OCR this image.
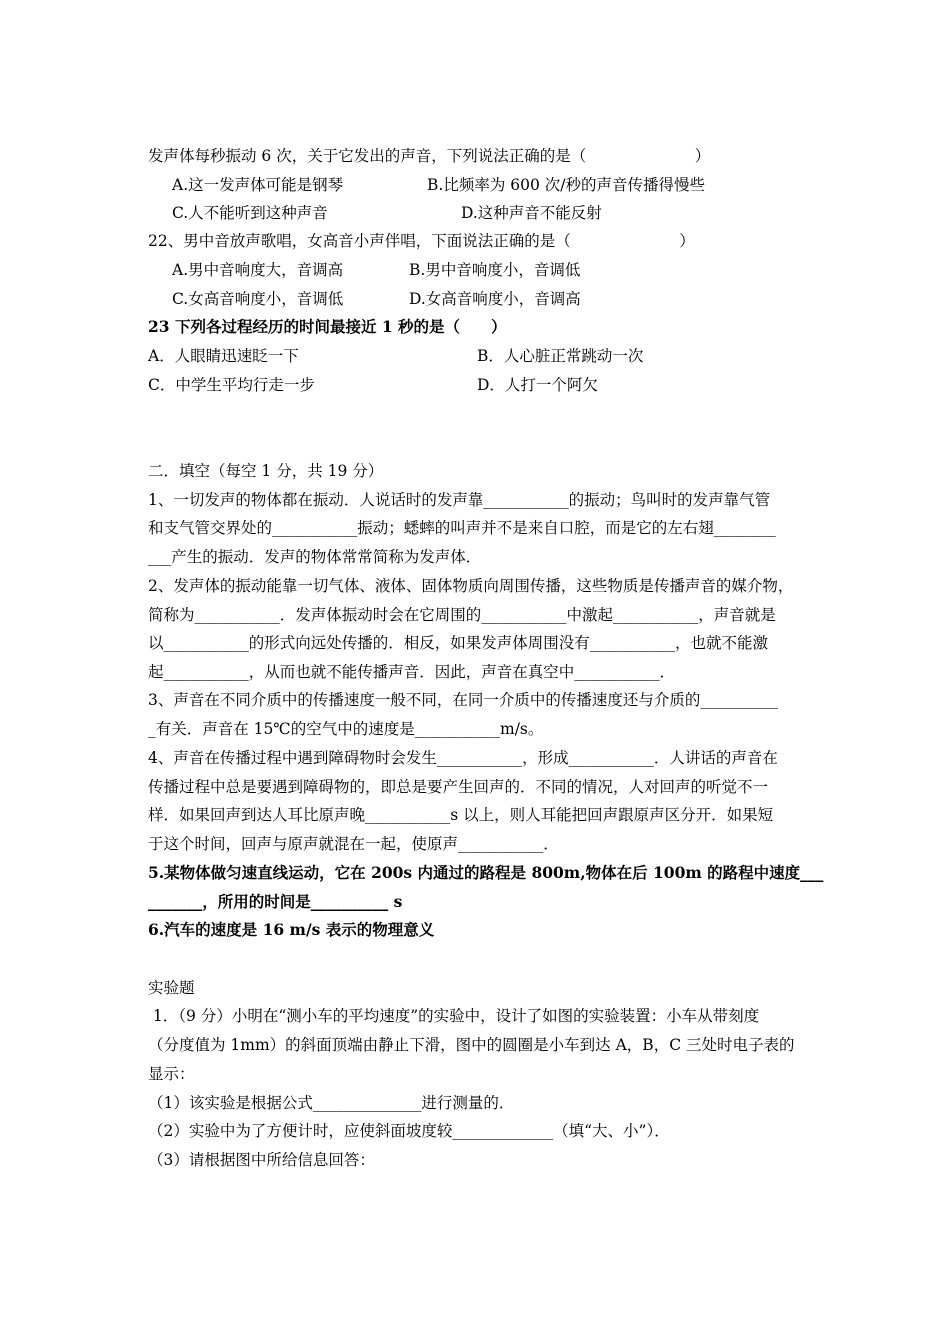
发声体每秒振动 6 次，关于它发出的声音，下列说法正确的是（　　　　　　　）
A.这一发声体可能是钢琴	B.比频率为 600 次/秒的声音传播得慢些
C.人不能听到这种声音	D.这种声音不能反射
22、男中音放声歌唱，女高音小声伴唱，下面说法正确的是（　　　　　　　）
A.男中音响度大，音调高	B.男中音响度小，音调低
C.女高音响度小，音调低	D.女高音响度小，音调高
23 下列各过程经历的时间最接近 1 秒的是（　　）
A．人眼睛迅速眨一下	B．人心脏正常跳动一次
C．中学生平均行走一步	D．人打一个阿欠
二．填空（每空 1 分，共 19 分）
1、一切发声的物体都在振动．人说话时的发声靠___________的振动；鸟叫时的发声靠气管
和支气管交界处的___________振动；蟋蟀的叫声并不是来自口腔，而是它的左右翅________
___产生的振动．发声的物体常常简称为发声体．
2、发声体的振动能靠一切气体、液体、固体物质向周围传播，这些物质是传播声音的媒介物，
简称为___________．发声体振动时会在它周围的___________中激起___________，声音就是
以___________的形式向远处传播的．相反，如果发声体周围没有___________，也就不能激
起___________，从而也就不能传播声音．因此，声音在真空中___________．
3、声音在不同介质中的传播速度一般不同，在同一介质中的传播速度还与介质的__________
_有关．声音在 15℃的空气中的速度是___________m/s。
4、声音在传播过程中遇到障碍物时会发生___________，形成___________．人讲话的声音在
传播过程中总是要遇到障碍物的，即总是要产生回声的．不同的情况，人对回声的听觉不一
样．如果回声到达人耳比原声晚___________s 以上，则人耳能把回声跟原声区分开．如果短
于这个时间，回声与原声就混在一起，使原声___________．
5.某物体做匀速直线运动，它在 200s 内通过的路程是 800m,物体在后 100m 的路程中速度___
_______，所用的时间是__________ s
6.汽车的速度是 16 m/s 表示的物理意义
实验题
1．（9 分）小明在“测小车的平均速度”的实验中，设计了如图的实验装置：小车从带刻度
（分度值为 1mm）的斜面顶端由静止下滑，图中的圆圈是小车到达 A，B，C 三处时电子表的
显示：
（1）该实验是根据公式______________进行测量的．
（2）实验中为了方便计时，应使斜面坡度较_____________（填“大、小”）．
（3）请根据图中所给信息回答：
